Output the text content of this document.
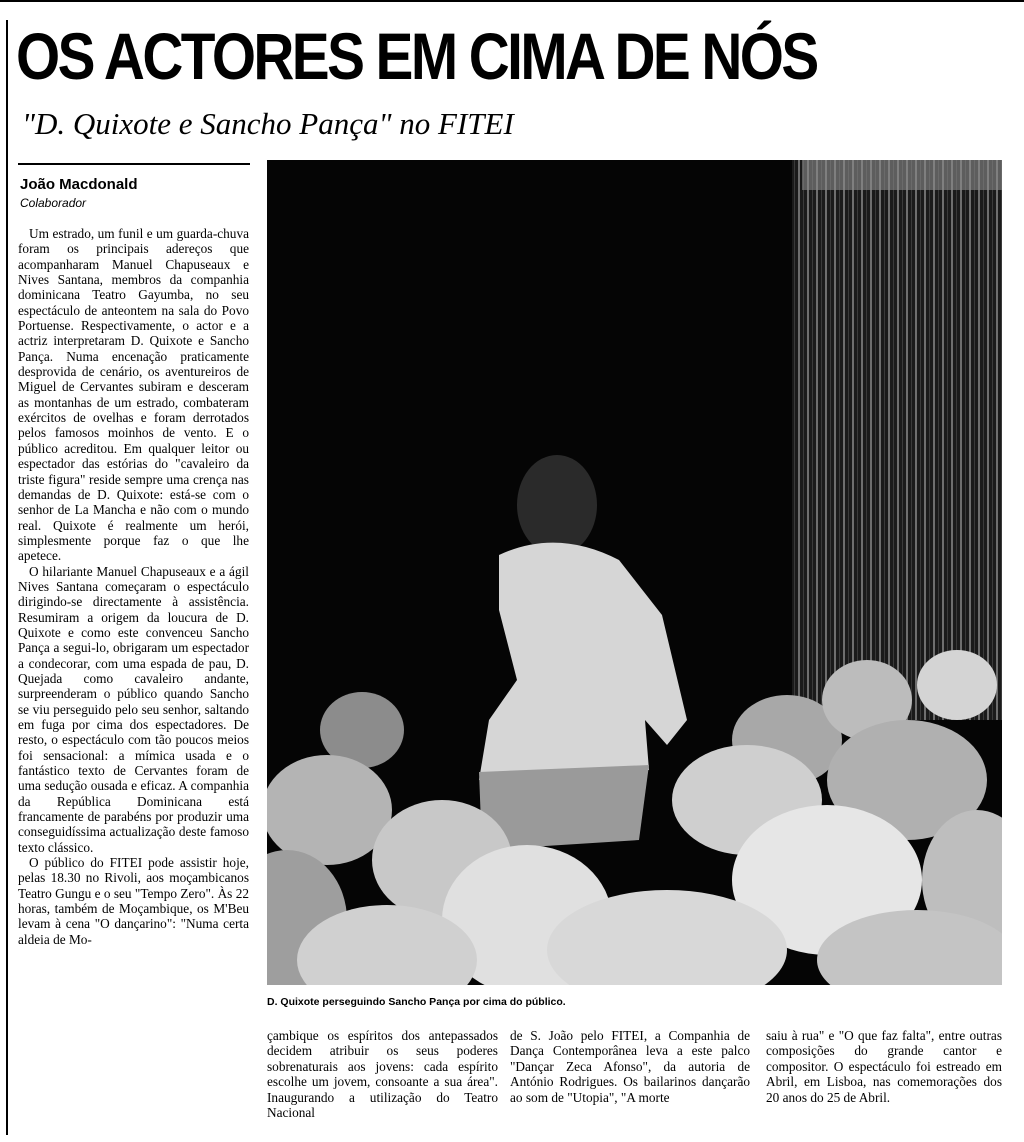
OS ACTORES EM CIMA DE NÓS
"D. Quixote e Sancho Pança" no FITEI
João Macdonald
Colaborador

Um estrado, um funil e um guarda-chuva foram os principais adereços que acompanharam Manuel Chapuseaux e Nives Santana, membros da companhia dominicana Teatro Gayumba, no seu espectáculo de anteontem na sala do Povo Portuense. Respectivamente, o actor e a actriz interpretaram D. Quixote e Sancho Pança. Numa encenação praticamente desprovida de cenário, os aventureiros de Miguel de Cervantes subiram e desceram as montanhas de um estrado, combateram exércitos de ovelhas e foram derrotados pelos famosos moinhos de vento. E o público acreditou. Em qualquer leitor ou espectador das estórias do "cavaleiro da triste figura" reside sempre uma crença nas demandas de D. Quixote: está-se com o senhor de La Mancha e não com o mundo real. Quixote é realmente um herói, simplesmente porque faz o que lhe apetece.

O hilariante Manuel Chapuseaux e a ágil Nives Santana começaram o espectáculo dirigindo-se directamente à assistência. Resumiram a origem da loucura de D. Quixote e como este convenceu Sancho Pança a segui-lo, obrigaram um espectador a condecorar, com uma espada de pau, D. Quejada como cavaleiro andante, surpreenderam o público quando Sancho se viu perseguido pelo seu senhor, saltando em fuga por cima dos espectadores. De resto, o espectáculo com tão poucos meios foi sensacional: a mímica usada e o fantástico texto de Cervantes foram de uma sedução ousada e eficaz. A companhia da República Dominicana está francamente de parabéns por produzir uma conseguidíssima actualização deste famoso texto clássico.

O público do FITEI pode assistir hoje, pelas 18.30 no Rivoli, aos moçambicanos Teatro Gungu e o seu "Tempo Zero". Às 22 horas, também de Moçambique, os M'Beu levam à cena "O dançarino": "Numa certa aldeia de Mo-

D. Quixote perseguindo Sancho Pança por cima do público.

çambique os espíritos dos antepassados decidem atribuir os seus poderes sobrenaturais aos jovens: cada espírito escolhe um jovem, consoante a sua área". Inaugurando a utilização do Teatro Nacional

de S. João pelo FITEI, a Companhia de Dança Contemporânea leva a este palco "Dançar Zeca Afonso", da autoria de António Rodrigues. Os bailarinos dançarão ao som de "Utopia", "A morte

saiu à rua" e "O que faz falta", entre outras composições do grande cantor e compositor. O espectáculo foi estreado em Abril, em Lisboa, nas comemorações dos 20 anos do 25 de Abril.
